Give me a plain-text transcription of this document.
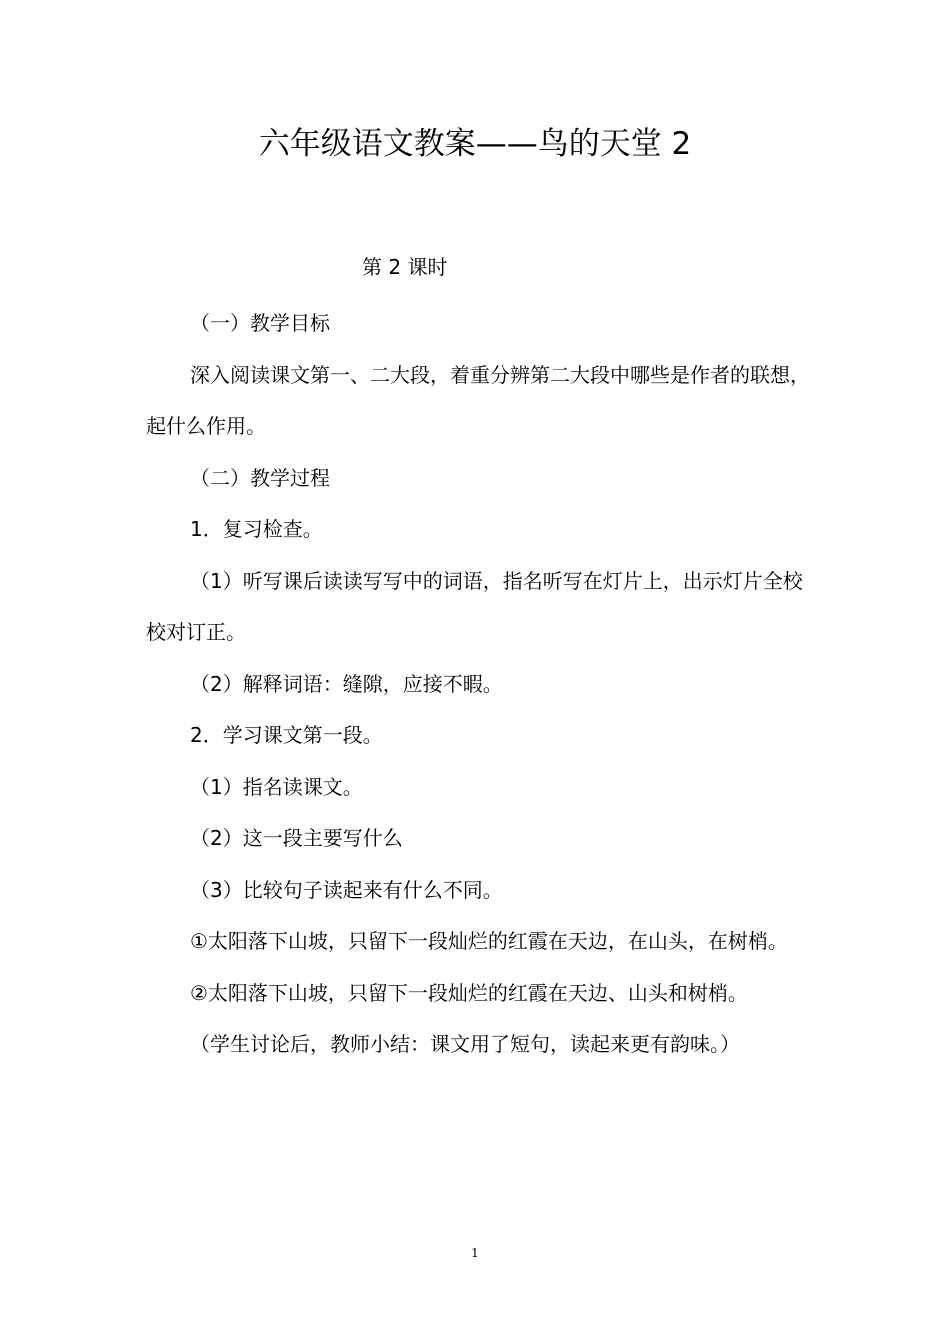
六年级语文教案——鸟的天堂 2
第 2 课时

（一）教学目标

深入阅读课文第一、二大段，着重分辨第二大段中哪些是作者的联想，起什么作用。

（二）教学过程

1．复习检查。

（1）听写课后读读写写中的词语，指名听写在灯片上，出示灯片全校校对订正。

（2）解释词语：缝隙，应接不暇。

2．学习课文第一段。

（1）指名读课文。

（2）这一段主要写什么

（3）比较句子读起来有什么不同。

①太阳落下山坡，只留下一段灿烂的红霞在天边，在山头，在树梢。

②太阳落下山坡，只留下一段灿烂的红霞在天边、山头和树梢。

（学生讨论后，教师小结：课文用了短句，读起来更有韵味。）

1
